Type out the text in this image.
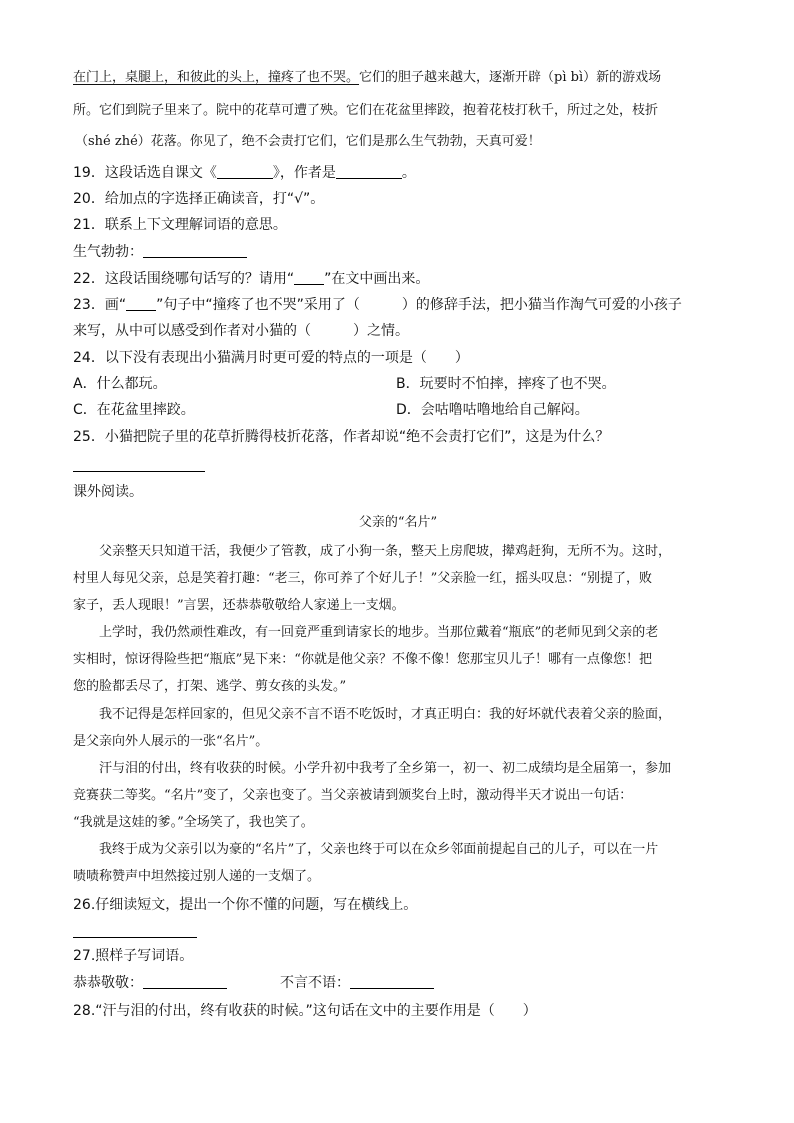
在门上，桌腿上，和彼此的头上，撞疼了也不哭。它们的胆子越来越大，逐渐开辟（pì bì）新的游戏场
所。它们到院子里来了。院中的花草可遭了殃。它们在花盆里摔跤，抱着花枝打秋千，所过之处，枝折
（shé zhé）花落。你见了，绝不会责打它们，它们是那么生气勃勃，天真可爱！
19．这段话选自课文《	》，作者是	。
20．给加点的字选择正确读音，打“√”。
21．联系上下文理解词语的意思。
生气勃勃：
22．这段话围绕哪句话写的？请用“ ”在文中画出来。
23．画“ ”句子中“撞疼了也不哭”采用了（　　　）的修辞手法，把小猫当作淘气可爱的小孩子
来写，从中可以感受到作者对小猫的（　　　）之情。
24．以下没有表现出小猫满月时更可爱的特点的一项是（　　）
A．什么都玩。	B．玩要时不怕摔，摔疼了也不哭。
C．在花盆里摔跤。	D．会咕噜咕噜地给自己解闷。
25．小猫把院子里的花草折腾得枝折花落，作者却说“绝不会责打它们”，这是为什么？
课外阅读。
父亲的“名片”
父亲整天只知道干活，我便少了管教，成了小狗一条，整天上房爬坡，撵鸡赶狗，无所不为。这时，
村里人每见父亲，总是笑着打趣：“老三，你可养了个好儿子！”父亲脸一红，摇头叹息：“别提了，败
家子，丢人现眼！”言罢，还恭恭敬敬给人家递上一支烟。
上学时，我仍然顽性难改，有一回竟严重到请家长的地步。当那位戴着“瓶底”的老师见到父亲的老
实相时，惊讶得险些把“瓶底”晃下来：“你就是他父亲？不像不像！您那宝贝儿子！哪有一点像您！把
您的脸都丢尽了，打架、逃学、剪女孩的头发。”
我不记得是怎样回家的，但见父亲不言不语不吃饭时，才真正明白：我的好坏就代表着父亲的脸面，
是父亲向外人展示的一张“名片”。
汗与泪的付出，终有收获的时候。小学升初中我考了全乡第一，初一、初二成绩均是全届第一，参加
竞赛获二等奖。“名片”变了，父亲也变了。当父亲被请到颁奖台上时，激动得半天才说出一句话：
“我就是这娃的爹。”全场笑了，我也笑了。
我终于成为父亲引以为豪的“名片”了，父亲也终于可以在众乡邻面前提起自己的儿子，可以在一片
啧啧称赞声中坦然接过别人递的一支烟了。
26.仔细读短文，提出一个你不懂的问题，写在横线上。
27.照样子写词语。
恭恭敬敬：	不言不语：
28.“汗与泪的付出，终有收获的时候。”这句话在文中的主要作用是（　　）
